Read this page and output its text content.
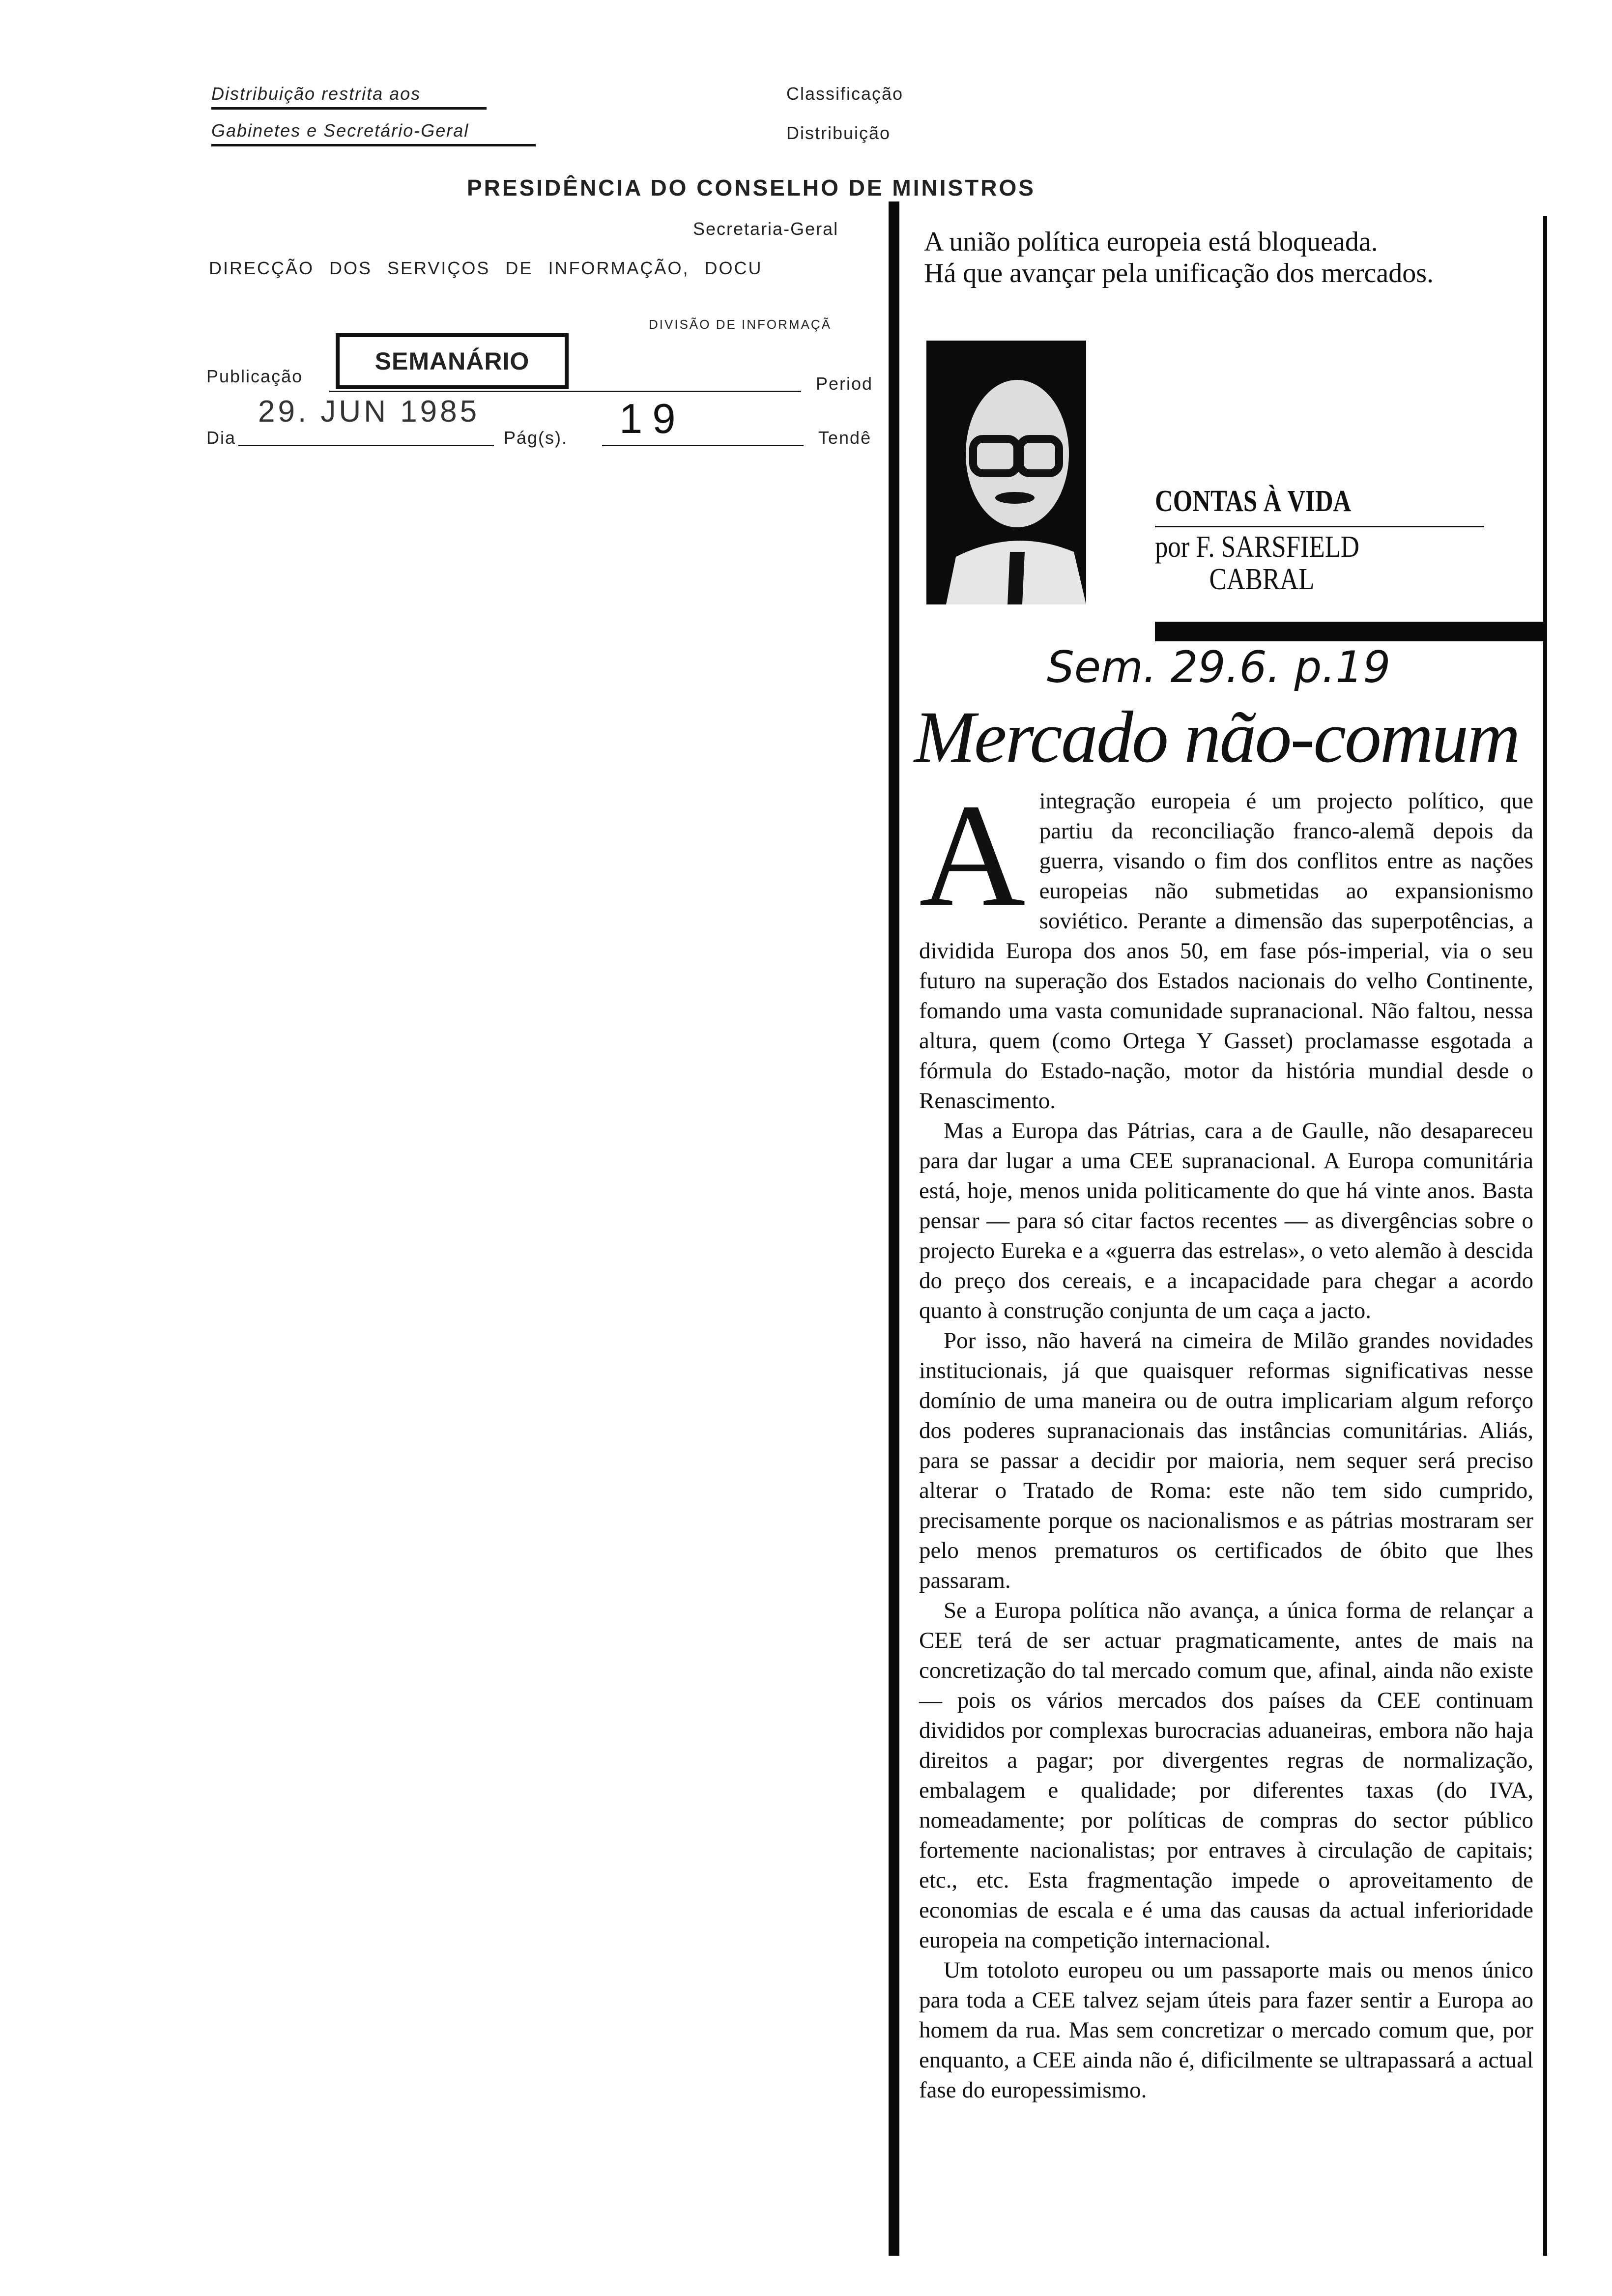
Distribuição restrita aos
Gabinetes e Secretário-Geral
Classificação
Distribuição
PRESIDÊNCIA DO CONSELHO DE MINISTROS
Secretaria-Geral
DIRECÇÃO DOS SERVIÇOS DE INFORMAÇÃO, DOCU
DIVISÃO DE INFORMAÇÃ
SEMANÁRIO
Publicação	Period
Dia
29. JUN 1985
Pág(s). 19	Tendê
A união política europeia está bloqueada.
Há que avançar pela unificação dos mercados.
CONTAS À VIDA
por F. SARSFIELD
CABRAL
Sem. 29.6. p.19
Mercado não-comum

Aintegração europeia é um projecto político, que partiu da reconciliação franco-alemã depois da guerra, visando o fim dos conflitos entre as nações europeias não submetidas ao expansionismo soviético. Perante a dimensão das superpotências, a dividida Europa dos anos 50, em fase pós-imperial, via o seu futuro na superação dos Estados nacionais do velho Continente, fomando uma vasta comunidade supranacional. Não faltou, nessa altura, quem (como Ortega Y Gasset) proclamasse esgotada a fórmula do Estado-nação, motor da história mundial desde o Renascimento.

Mas a Europa das Pátrias, cara a de Gaulle, não desapareceu para dar lugar a uma CEE supranacional. A Europa comunitária está, hoje, menos unida politicamente do que há vinte anos. Basta pensar — para só citar factos recentes — as divergências sobre o projecto Eureka e a «guerra das estrelas», o veto alemão à descida do preço dos cereais, e a incapacidade para chegar a acordo quanto à construção conjunta de um caça a jacto.

Por isso, não haverá na cimeira de Milão grandes novidades institucionais, já que quaisquer reformas significativas nesse domínio de uma maneira ou de outra implicariam algum reforço dos poderes supranacionais das instâncias comunitárias. Aliás, para se passar a decidir por maioria, nem sequer será preciso alterar o Tratado de Roma: este não tem sido cumprido, precisamente porque os nacionalismos e as pátrias mostraram ser pelo menos prematuros os certificados de óbito que lhes passaram.

Se a Europa política não avança, a única forma de relançar a CEE terá de ser actuar pragmaticamente, antes de mais na concretização do tal mercado comum que, afinal, ainda não existe — pois os vários mercados dos países da CEE continuam divididos por complexas burocracias aduaneiras, embora não haja direitos a pagar; por divergentes regras de normalização, embalagem e qualidade; por diferentes taxas (do IVA, nomeadamente; por políticas de compras do sector público fortemente nacionalistas; por entraves à circulação de capitais; etc., etc. Esta fragmentação impede o aproveitamento de economias de escala e é uma das causas da actual inferioridade europeia na competição internacional.

Um totoloto europeu ou um passaporte mais ou menos único para toda a CEE talvez sejam úteis para fazer sentir a Europa ao homem da rua. Mas sem concretizar o mercado comum que, por enquanto, a CEE ainda não é, dificilmente se ultrapassará a actual fase do europessimismo.
